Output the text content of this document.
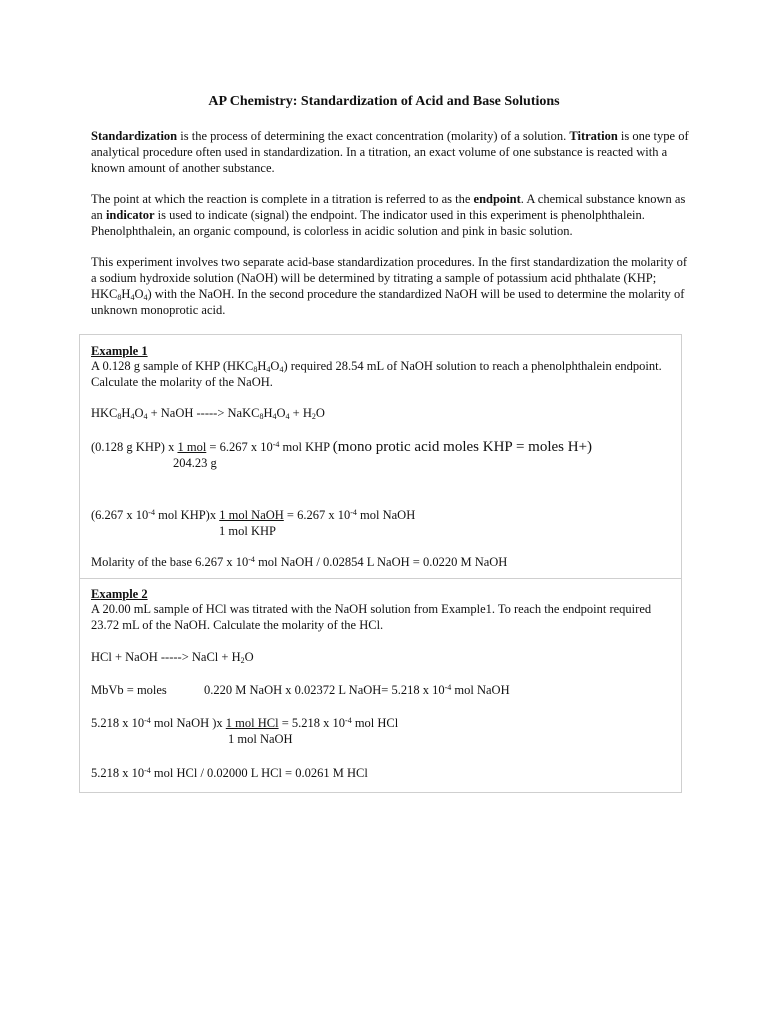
AP Chemistry: Standardization of Acid and Base Solutions

Standardization is the process of determining the exact concentration (molarity) of a solution. Titration is one type of analytical procedure often used in standardization. In a titration, an exact volume of one substance is reacted with a known amount of another substance.

The point at which the reaction is complete in a titration is referred to as the endpoint. A chemical substance known as an indicator is used to indicate (signal) the endpoint. The indicator used in this experiment is phenolphthalein. Phenolphthalein, an organic compound, is colorless in acidic solution and pink in basic solution.

This experiment involves two separate acid-base standardization procedures. In the first standardization the molarity of a sodium hydroxide solution (NaOH) will be determined by titrating a sample of potassium acid phthalate (KHP; $HKC_8H_4O_4$) with the NaOH. In the second procedure the standardized NaOH will be used to determine the molarity of unknown monoprotic acid.

Example 1
A 0.128 g sample of KHP $(HKC_8H_4O_4)$ required 28.54 mL of NaOH solution to reach a phenolphthalein endpoint.
Calculate the molarity of the NaOH.
$HKC_8H_4O_4$ + NaOH -----> $NaKC_8H_4O_4 + H_2O$
(0.128 g KHP) x 1 mol = 6.267 x $10^{-4}$ mol KHP (mono protic acid moles KHP = moles H+)
204.23 g
(6.267 x $10^{-4}$ mol KHP)x 1 mol NaOH = 6.267 x $10^{-4}$ mol NaOH
1 mol KHP
Molarity of the base 6.267 x $10^{-4}$ mol NaOH / 0.02854 L NaOH = 0.0220 M NaOH
Example 2
A 20.00 mL sample of HCl was titrated with the NaOH solution from Example1. To reach the endpoint required
23.72 mL of the NaOH. Calculate the molarity of the HCl.
HCl + NaOH -----> NaCl + $H_2O$
MbVb = moles	0.220 M NaOH x 0.02372 L NaOH= 5.218 x $10^{-4}$ mol NaOH
5.218 x $10^{-4}$ mol NaOH )x 1 mol HCl = 5.218 x $10^{-4}$ mol HCl
1 mol NaOH
5.218 x $10^{-4}$ mol HCl / 0.02000 L HCl = 0.0261 M HCl
